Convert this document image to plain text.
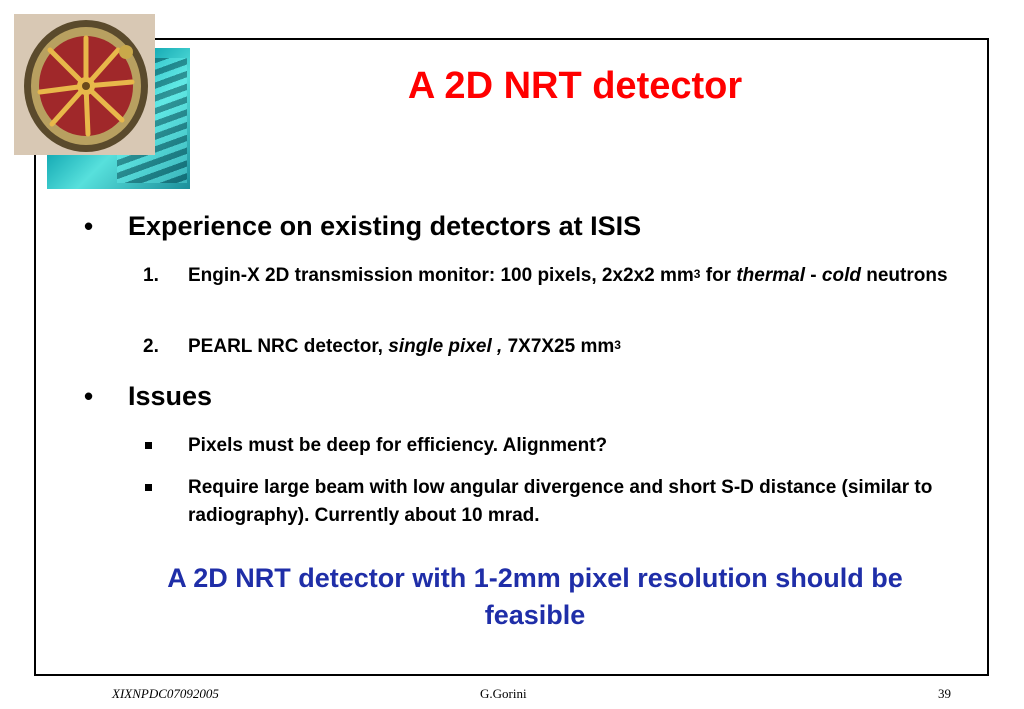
A 2D NRT detector
• Experience on existing detectors at ISIS
1. Engin-X 2D transmission monitor: 100 pixels, 2x2x2 $mm^3$ for thermal - cold neutrons
2. PEARL NRC detector, single pixel , 7X7X25 $mm^3$
• Issues
Pixels must be deep for efficiency. Alignment?
Require large beam with low angular divergence and short S-D distance (similar to radiography). Currently about 10 mrad.
A 2D NRT detector with 1-2mm pixel resolution should be feasible
XIXNPDC07092005	G.Gorini	39
